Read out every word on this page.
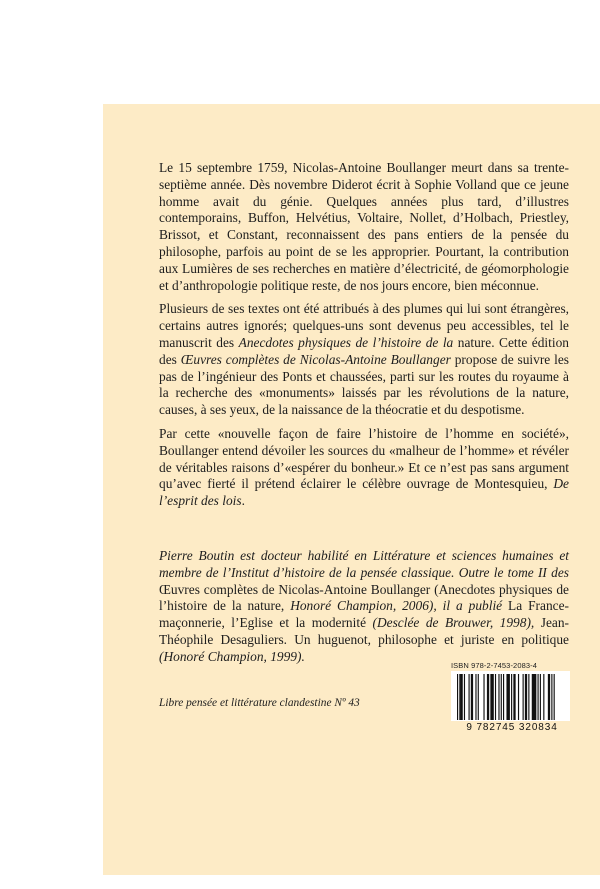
Le 15 septembre 1759, Nicolas-Antoine Boullanger meurt dans sa trente-septième année. Dès novembre Diderot écrit à Sophie Volland que ce jeune homme avait du génie. Quelques années plus tard, d’illustres contemporains, Buffon, Helvétius, Voltaire, Nollet, d’Holbach, Priestley, Brissot, et Constant, reconnaissent des pans entiers de la pensée du philosophe, parfois au point de se les approprier. Pourtant, la contribution aux Lumières de ses recherches en matière d’électricité, de géomorphologie et d’anthropologie politique reste, de nos jours encore, bien méconnue.

Plusieurs de ses textes ont été attribués à des plumes qui lui sont étrangères, certains autres ignorés; quelques-uns sont devenus peu accessibles, tel le manuscrit des Anecdotes physiques de l’histoire de la nature. Cette édition des Œuvres complètes de Nicolas-Antoine Boullanger propose de suivre les pas de l’ingénieur des Ponts et chaussées, parti sur les routes du royaume à la recherche des «monuments» laissés par les révolutions de la nature, causes, à ses yeux, de la naissance de la théocratie et du despotisme.

Par cette «nouvelle façon de faire l’histoire de l’homme en société», Boullanger entend dévoiler les sources du «malheur de l’homme» et révéler de véritables raisons d’«espérer du bonheur.» Et ce n’est pas sans argument qu’avec fierté il prétend éclairer le célèbre ouvrage de Montesquieu, De l’esprit des lois.

Pierre Boutin est docteur habilité en Littérature et sciences humaines et membre de l’Institut d’histoire de la pensée classique. Outre le tome II des Œuvres complètes de Nicolas-Antoine Boullanger (Anecdotes physiques de l’histoire de la nature, Honoré Champion, 2006), il a publié La France-maçonnerie, l’Eglise et la modernité (Desclée de Brouwer, 1998), Jean-Théophile Desaguliers. Un huguenot, philosophe et juriste en politique (Honoré Champion, 1999).
ISBN 978-2-7453-2083-4
9 782745 320834
Libre pensée et littérature clandestine Nº 43
